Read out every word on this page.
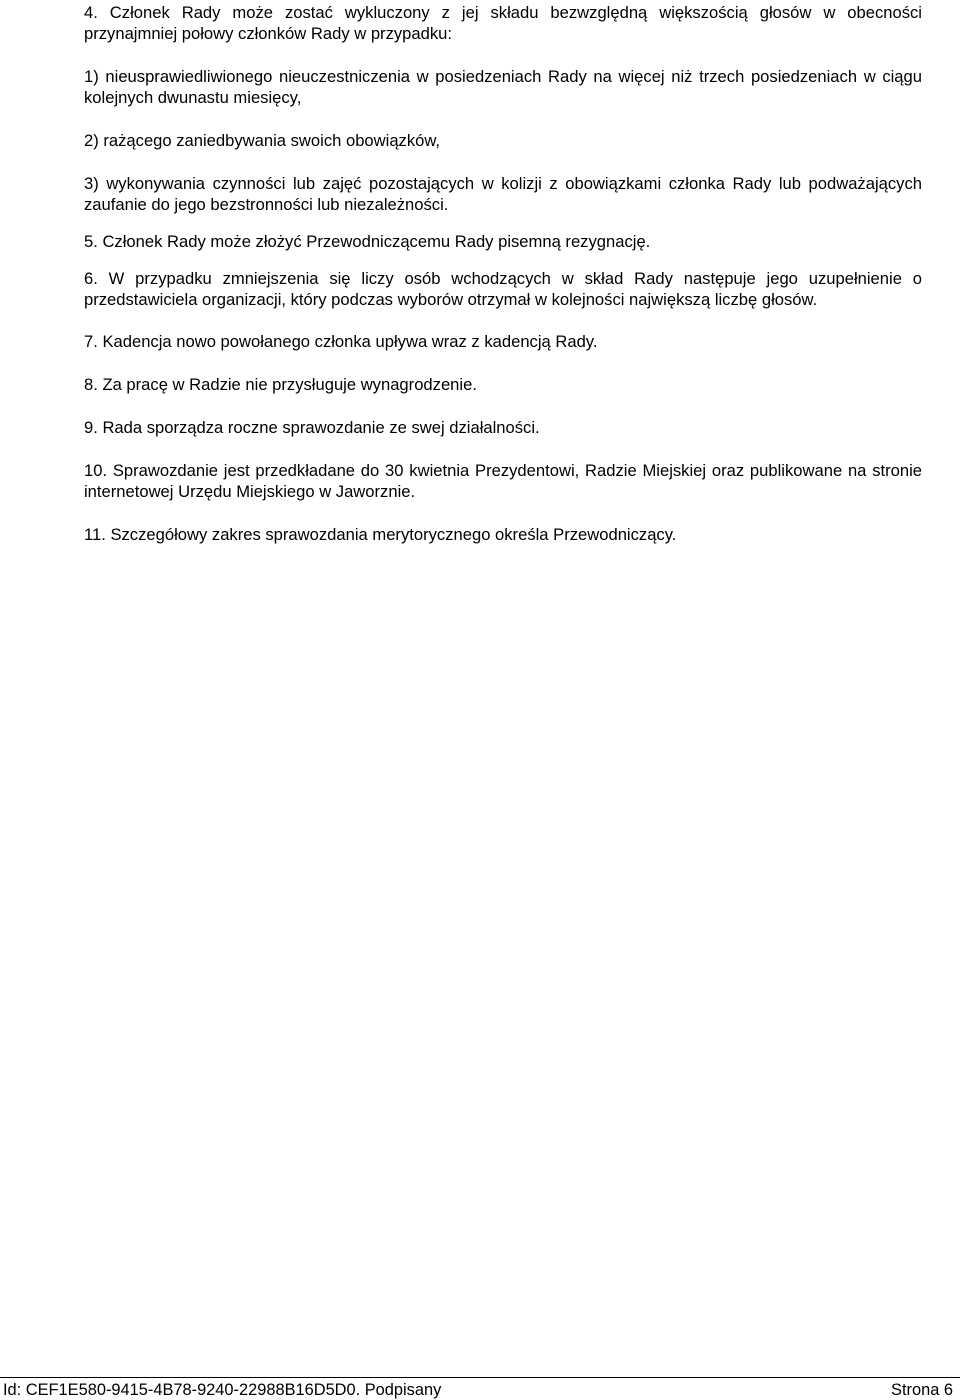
4. Członek Rady może zostać wykluczony z jej składu bezwzględną większością głosów w obecności przynajmniej połowy członków Rady w przypadku:

1) nieusprawiedliwionego nieuczestniczenia w posiedzeniach Rady na więcej niż trzech posiedzeniach w ciągu kolejnych dwunastu miesięcy,

2) rażącego zaniedbywania swoich obowiązków,

3) wykonywania czynności lub zajęć pozostających w kolizji z obowiązkami członka Rady lub podważających zaufanie do jego bezstronności lub niezależności.

5. Członek Rady może złożyć Przewodniczącemu Rady pisemną rezygnację.

6. W przypadku zmniejszenia się liczy osób wchodzących w skład Rady następuje jego uzupełnienie o przedstawiciela organizacji, który podczas wyborów otrzymał w kolejności największą liczbę głosów.

7. Kadencja nowo powołanego członka upływa wraz z kadencją Rady.

8. Za pracę w Radzie nie przysługuje wynagrodzenie.

9. Rada sporządza roczne sprawozdanie ze swej działalności.

10. Sprawozdanie jest przedkładane do 30 kwietnia Prezydentowi, Radzie Miejskiej oraz publikowane na stronie internetowej Urzędu Miejskiego w Jaworznie.

11. Szczegółowy zakres sprawozdania merytorycznego określa Przewodniczący.

Id: CEF1E580-9415-4B78-9240-22988B16D5D0. Podpisany	Strona 6
